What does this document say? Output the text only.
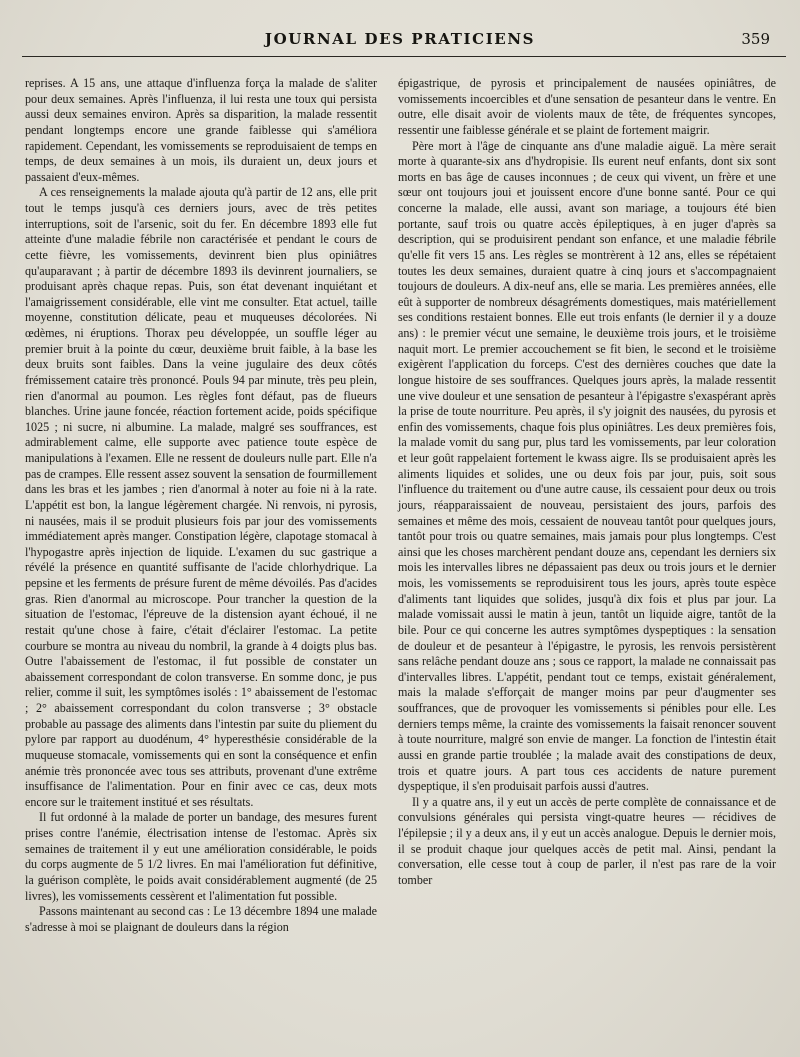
JOURNAL DES PRATICIENS	359

reprises. A 15 ans, une attaque d'influenza força la malade de s'aliter pour deux semaines. Après l'influenza, il lui resta une toux qui persista aussi deux semaines environ. Après sa disparition, la malade ressentit pendant longtemps encore une grande faiblesse qui s'améliora rapidement. Cependant, les vomissements se reproduisaient de temps en temps, de deux semaines à un mois, ils duraient un, deux jours et passaient d'eux-mêmes.

A ces renseignements la malade ajouta qu'à partir de 12 ans, elle prit tout le temps jusqu'à ces derniers jours, avec de très petites interruptions, soit de l'arsenic, soit du fer. En décembre 1893 elle fut atteinte d'une maladie fébrile non caractérisée et pendant le cours de cette fièvre, les vomissements, devinrent bien plus opiniâtres qu'auparavant ; à partir de décembre 1893 ils devinrent journaliers, se produisant après chaque repas. Puis, son état devenant inquiétant et l'amaigrissement considérable, elle vint me consulter. Etat actuel, taille moyenne, constitution délicate, peau et muqueuses décolorées. Ni œdèmes, ni éruptions. Thorax peu développée, un souffle léger au premier bruit à la pointe du cœur, deuxième bruit faible, à la base les deux bruits sont faibles. Dans la veine jugulaire des deux côtés frémissement cataire très prononcé. Pouls 94 par minute, très peu plein, rien d'anormal au poumon. Les règles font défaut, pas de flueurs blanches. Urine jaune foncée, réaction fortement acide, poids spécifique 1025 ; ni sucre, ni albumine. La malade, malgré ses souffrances, est admirablement calme, elle supporte avec patience toute espèce de manipulations à l'examen. Elle ne ressent de douleurs nulle part. Elle n'a pas de crampes. Elle ressent assez souvent la sensation de fourmillement dans les bras et les jambes ; rien d'anormal à noter au foie ni à la rate. L'appétit est bon, la langue légèrement chargée. Ni renvois, ni pyrosis, ni nausées, mais il se produit plusieurs fois par jour des vomissements immédiatement après manger. Constipation légère, clapotage stomacal à l'hypogastre après injection de liquide. L'examen du suc gastrique a révélé la présence en quantité suffisante de l'acide chlorhydrique. La pepsine et les ferments de présure furent de même dévoilés. Pas d'acides gras. Rien d'anormal au microscope. Pour trancher la question de la situation de l'estomac, l'épreuve de la distension ayant échoué, il ne restait qu'une chose à faire, c'était d'éclairer l'estomac. La petite courbure se montra au niveau du nombril, la grande à 4 doigts plus bas. Outre l'abaissement de l'estomac, il fut possible de constater un abaissement correspondant de colon transverse. En somme donc, je pus relier, comme il suit, les symptômes isolés : 1° abaissement de l'estomac ; 2° abaissement correspondant du colon transverse ; 3° obstacle probable au passage des aliments dans l'intestin par suite du pliement du pylore par rapport au duodénum, 4° hyperesthésie considérable de la muqueuse stomacale, vomissements qui en sont la conséquence et enfin anémie très prononcée avec tous ses attributs, provenant d'une extrême insuffisance de l'alimentation. Pour en finir avec ce cas, deux mots encore sur le traitement institué et ses résultats.

Il fut ordonné à la malade de porter un bandage, des mesures furent prises contre l'anémie, électrisation intense de l'estomac. Après six semaines de traitement il y eut une amélioration considérable, le poids du corps augmente de 5 1/2 livres. En mai l'amélioration fut définitive, la guérison complète, le poids avait considérablement augmenté (de 25 livres), les vomissements cessèrent et l'alimentation fut possible.

Passons maintenant au second cas : Le 13 décembre 1894 une malade s'adresse à moi se plaignant de douleurs dans la région

épigastrique, de pyrosis et principalement de nausées opiniâtres, de vomissements incoercibles et d'une sensation de pesanteur dans le ventre. En outre, elle disait avoir de violents maux de tête, de fréquentes syncopes, ressentir une faiblesse générale et se plaint de fortement maigrir.

Père mort à l'âge de cinquante ans d'une maladie aiguë. La mère serait morte à quarante-six ans d'hydropisie. Ils eurent neuf enfants, dont six sont morts en bas âge de causes inconnues ; de ceux qui vivent, un frère et une sœur ont toujours joui et jouissent encore d'une bonne santé. Pour ce qui concerne la malade, elle aussi, avant son mariage, a toujours été bien portante, sauf trois ou quatre accès épileptiques, à en juger d'après sa description, qui se produisirent pendant son enfance, et une maladie fébrile qu'elle fit vers 15 ans. Les règles se montrèrent à 12 ans, elles se répétaient toutes les deux semaines, duraient quatre à cinq jours et s'accompagnaient toujours de douleurs. A dix-neuf ans, elle se maria. Les premières années, elle eût à supporter de nombreux désagréments domestiques, mais matériellement ses conditions restaient bonnes. Elle eut trois enfants (le dernier il y a douze ans) : le premier vécut une semaine, le deuxième trois jours, et le troisième naquit mort. Le premier accouchement se fit bien, le second et le troisième exigèrent l'application du forceps. C'est des dernières couches que date la longue histoire de ses souffrances. Quelques jours après, la malade ressentit une vive douleur et une sensation de pesanteur à l'épigastre s'exaspérant après la prise de toute nourriture. Peu après, il s'y joignit des nausées, du pyrosis et enfin des vomissements, chaque fois plus opiniâtres. Les deux premières fois, la malade vomit du sang pur, plus tard les vomissements, par leur coloration et leur goût rappelaient fortement le kwass aigre. Ils se produisaient après les aliments liquides et solides, une ou deux fois par jour, puis, soit sous l'influence du traitement ou d'une autre cause, ils cessaient pour deux ou trois jours, réapparaissaient de nouveau, persistaient des jours, parfois des semaines et même des mois, cessaient de nouveau tantôt pour quelques jours, tantôt pour trois ou quatre semaines, mais jamais pour plus longtemps. C'est ainsi que les choses marchèrent pendant douze ans, cependant les derniers six mois les intervalles libres ne dépassaient pas deux ou trois jours et le dernier mois, les vomissements se reproduisirent tous les jours, après toute espèce d'aliments tant liquides que solides, jusqu'à dix fois et plus par jour. La malade vomissait aussi le matin à jeun, tantôt un liquide aigre, tantôt de la bile. Pour ce qui concerne les autres symptômes dyspeptiques : la sensation de douleur et de pesanteur à l'épigastre, le pyrosis, les renvois persistèrent sans relâche pendant douze ans ; sous ce rapport, la malade ne connaissait pas d'intervalles libres. L'appétit, pendant tout ce temps, existait généralement, mais la malade s'efforçait de manger moins par peur d'augmenter ses souffrances, que de provoquer les vomissements si pénibles pour elle. Les derniers temps même, la crainte des vomissements la faisait renoncer souvent à toute nourriture, malgré son envie de manger. La fonction de l'intestin était aussi en grande partie troublée ; la malade avait des constipations de deux, trois et quatre jours. A part tous ces accidents de nature purement dyspeptique, il s'en produisait parfois aussi d'autres.

Il y a quatre ans, il y eut un accès de perte complète de connaissance et de convulsions générales qui persista vingt-quatre heures — récidives de l'épilepsie ; il y a deux ans, il y eut un accès analogue. Depuis le dernier mois, il se produit chaque jour quelques accès de petit mal. Ainsi, pendant la conversation, elle cesse tout à coup de parler, il n'est pas rare de la voir tomber
